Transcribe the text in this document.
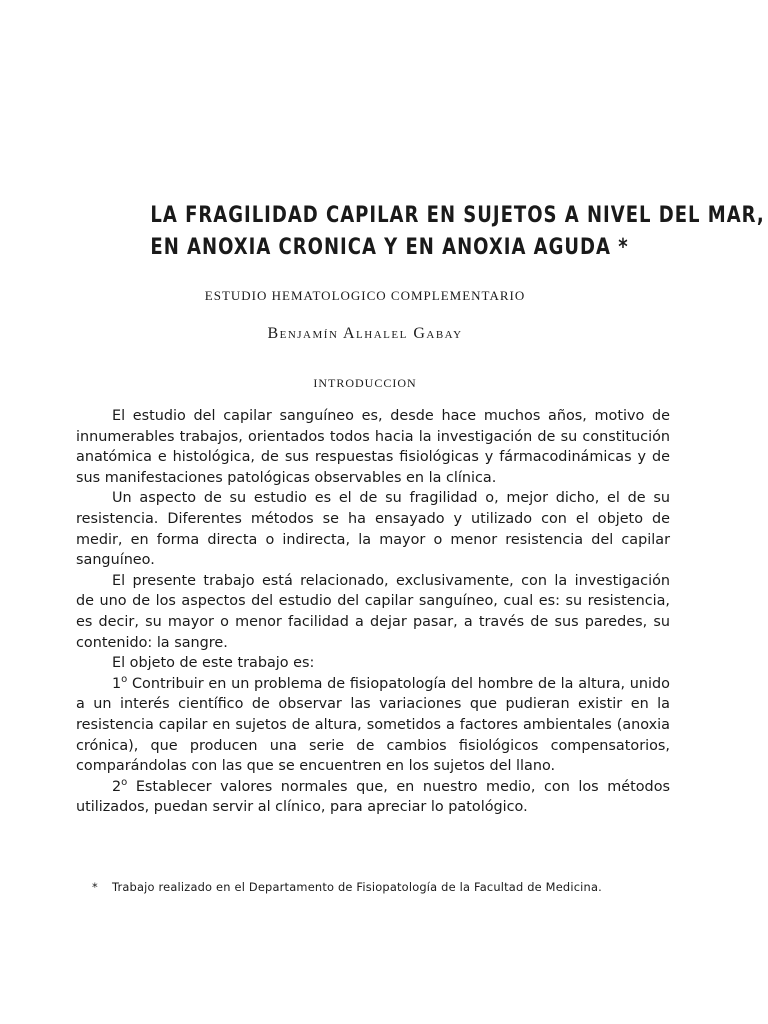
LA FRAGILIDAD CAPILAR EN SUJETOS A NIVEL DEL MAR,
EN ANOXIA CRONICA Y EN ANOXIA AGUDA *
ESTUDIO HEMATOLOGICO COMPLEMENTARIO
Benjamín Alhalel Gabay
INTRODUCCION

El estudio del capilar sanguíneo es, desde hace muchos años, motivo de innumerables trabajos, orientados todos hacia la investigación de su constitución anatómica e histológica, de sus respuestas fisiológicas y fármacodinámicas y de sus manifestaciones patológicas observables en la clínica.

Un aspecto de su estudio es el de su fragilidad o, mejor dicho, el de su resistencia. Diferentes métodos se ha ensayado y utilizado con el objeto de medir, en forma directa o indirecta, la mayor o menor resistencia del capilar sanguíneo.

El presente trabajo está relacionado, exclusivamente, con la investigación de uno de los aspectos del estudio del capilar sanguíneo, cual es: su resistencia, es decir, su mayor o menor facilidad a dejar pasar, a través de sus paredes, su contenido: la sangre.

El objeto de este trabajo es:

1$^o$ Contribuir en un problema de fisiopatología del hombre de la altura, unido a un interés científico de observar las variaciones que pudieran existir en la resistencia capilar en sujetos de altura, sometidos a factores ambientales (anoxia crónica), que producen una serie de cambios fisiológicos compensatorios, comparándolas con las que se encuentren en los sujetos del llano.

2$^o$ Establecer valores normales que, en nuestro medio, con los métodos utilizados, puedan servir al clínico, para apreciar lo patológico.

* Trabajo realizado en el Departamento de Fisiopatología de la Facultad de Medicina.
